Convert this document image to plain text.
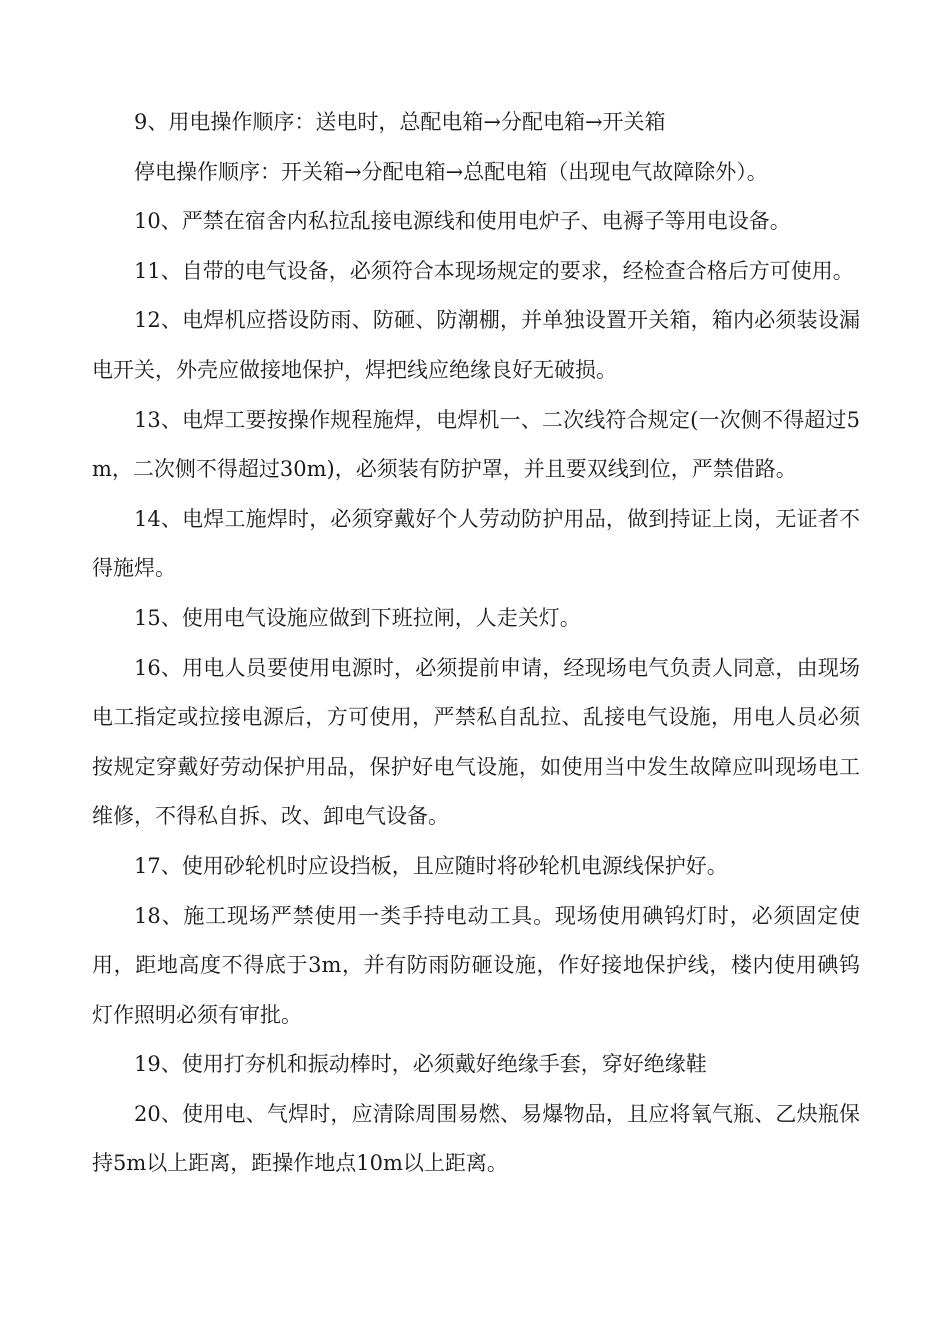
9、用电操作顺序：送电时，总配电箱→分配电箱→开关箱

停电操作顺序：开关箱→分配电箱→总配电箱（出现电气故障除外）。

10、严禁在宿舍内私拉乱接电源线和使用电炉子、电褥子等用电设备。

11、自带的电气设备，必须符合本现场规定的要求，经检查合格后方可使用。

12、电焊机应搭设防雨、防砸、防潮棚，并单独设置开关箱，箱内必须装设漏电开关，外壳应做接地保护，焊把线应绝缘良好无破损。

13、电焊工要按操作规程施焊，电焊机一、二次线符合规定(一次侧不得超过5m，二次侧不得超过30m)，必须装有防护罩，并且要双线到位，严禁借路。

14、电焊工施焊时，必须穿戴好个人劳动防护用品，做到持证上岗，无证者不得施焊。

15、使用电气设施应做到下班拉闸，人走关灯。

16、用电人员要使用电源时，必须提前申请，经现场电气负责人同意，由现场电工指定或拉接电源后，方可使用，严禁私自乱拉、乱接电气设施，用电人员必须按规定穿戴好劳动保护用品，保护好电气设施，如使用当中发生故障应叫现场电工维修，不得私自拆、改、卸电气设备。

17、使用砂轮机时应设挡板，且应随时将砂轮机电源线保护好。

18、施工现场严禁使用一类手持电动工具。现场使用碘钨灯时，必须固定使用，距地高度不得底于3m，并有防雨防砸设施，作好接地保护线，楼内使用碘钨灯作照明必须有审批。

19、使用打夯机和振动棒时，必须戴好绝缘手套，穿好绝缘鞋

20、使用电、气焊时，应清除周围易燃、易爆物品，且应将氧气瓶、乙炔瓶保持5m以上距离，距操作地点10m以上距离。
